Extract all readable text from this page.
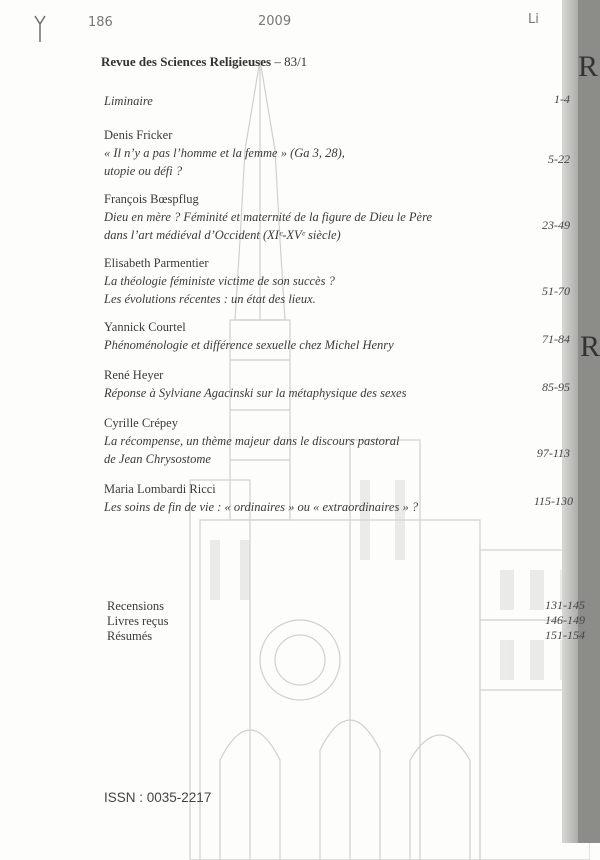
R
R
186	2009	Li
Revue des Sciences Religieuses – 83/1
Liminaire	1-4
Denis Fricker
« Il n’y a pas l’homme et la femme » (Ga 3, 28),
utopie ou défi ?
5-22
François Bœspflug
Dieu en mère ? Féminité et maternité de la figure de Dieu le Père
dans l’art médiéval d’Occident (XIᵉ-XVᵉ siècle)
23-49
Elisabeth Parmentier
La théologie féministe victime de son succès ?
Les évolutions récentes : un état des lieux.
51-70
Yannick Courtel
Phénoménologie et différence sexuelle chez Michel Henry	71-84
René Heyer
Réponse à Sylviane Agacinski sur la métaphysique des sexes	85-95
Cyrille Crépey
La récompense, un thème majeur dans le discours pastoral
de Jean Chrysostome	97-113
Maria Lombardi Ricci
Les soins de fin de vie : « ordinaires » ou « extraordinaires » ?	115-130
Recensions	131-145
Livres reçus	146-149
Résumés	151-154
ISSN : 0035-2217
